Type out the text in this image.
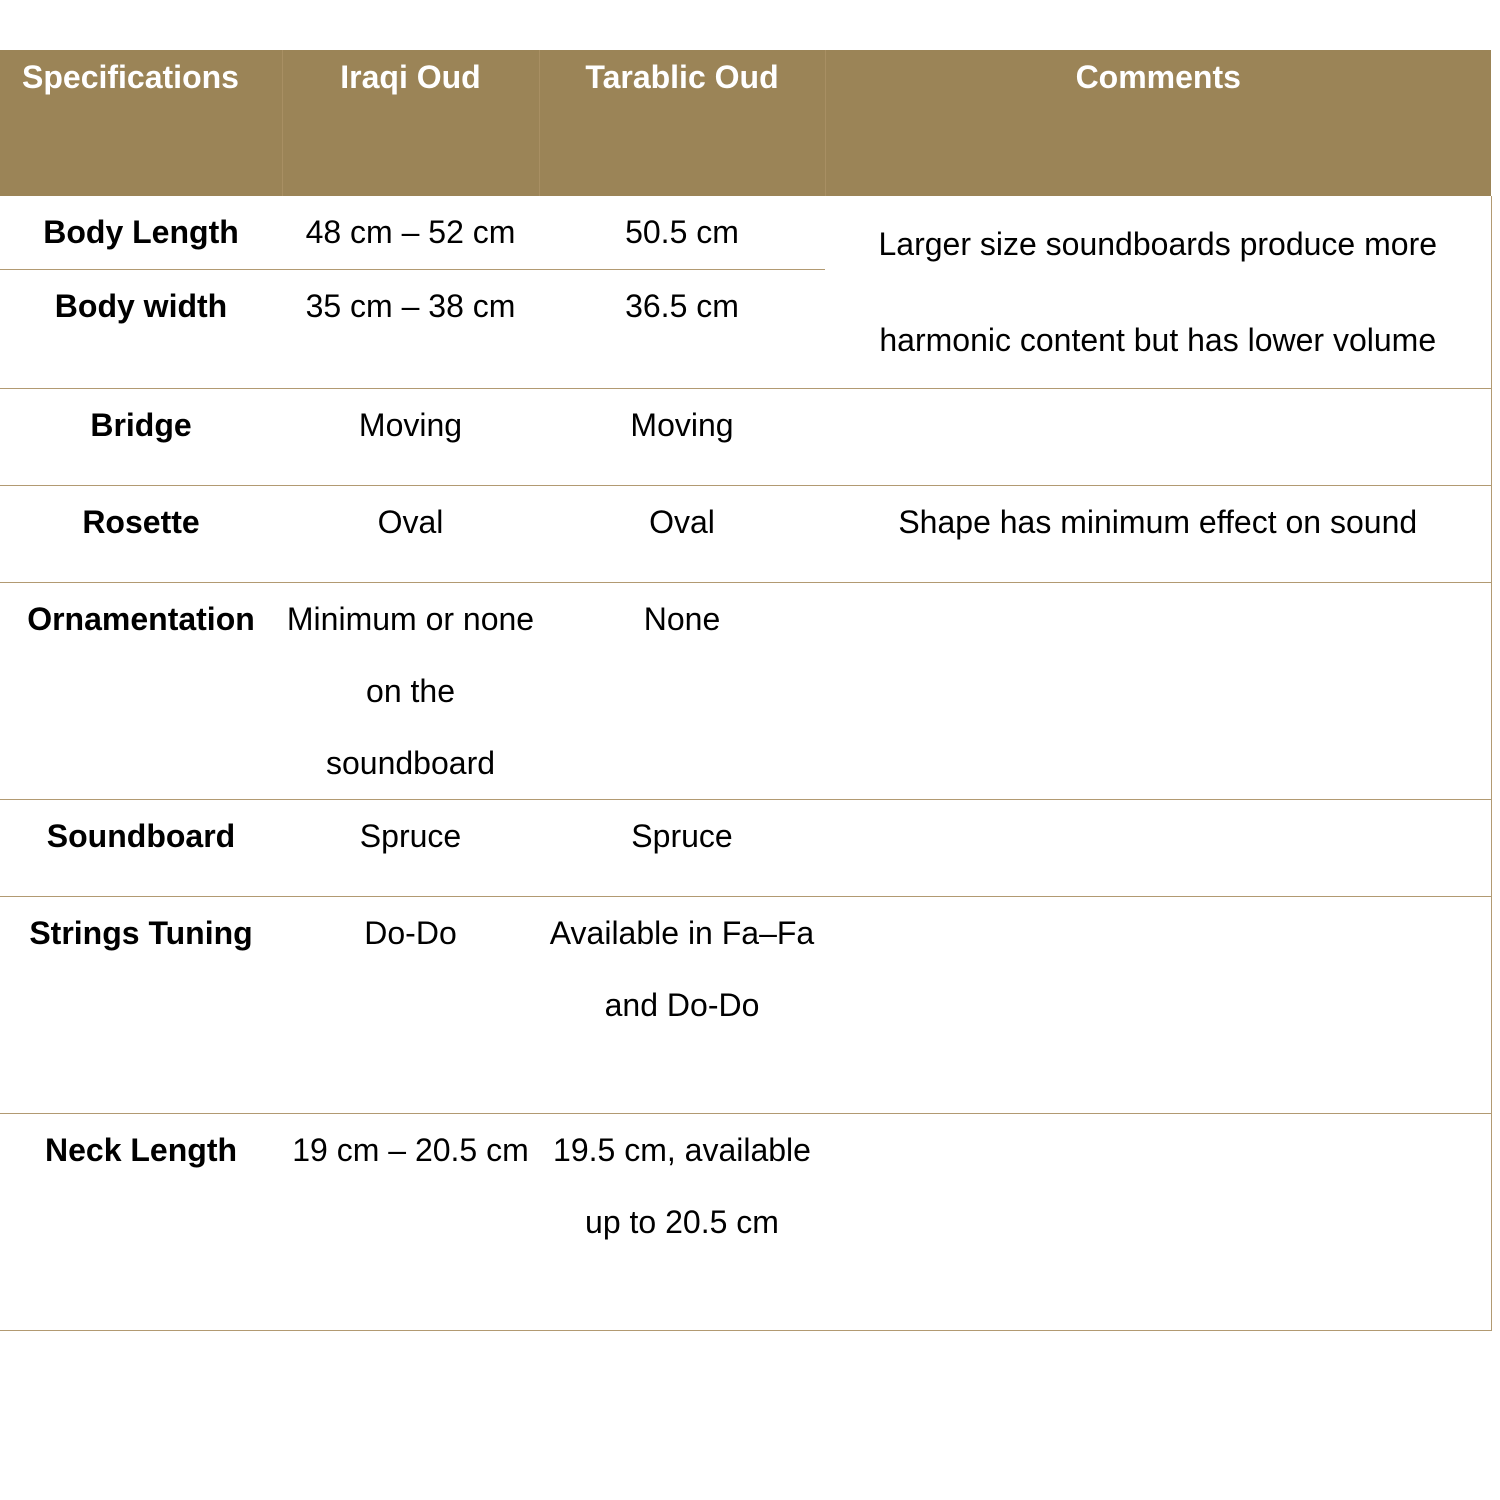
Specifications	Iraqi Oud	Tarablic Oud	Comments
Body Length	48 cm – 52 cm	50.5 cm	Larger size soundboards produce more harmonic content but has lower volume
Body width	35 cm – 38 cm	36.5 cm	
Bridge	Moving	Moving	
Rosette	Oval	Oval	Shape has minimum effect on sound
Ornamentation	Minimum or none on the soundboard	None	
Soundboard	Spruce	Spruce	
Strings Tuning	Do-Do	Available in Fa–Fa and Do-Do	
Neck Length	19 cm – 20.5 cm	19.5 cm, available up to 20.5 cm	
